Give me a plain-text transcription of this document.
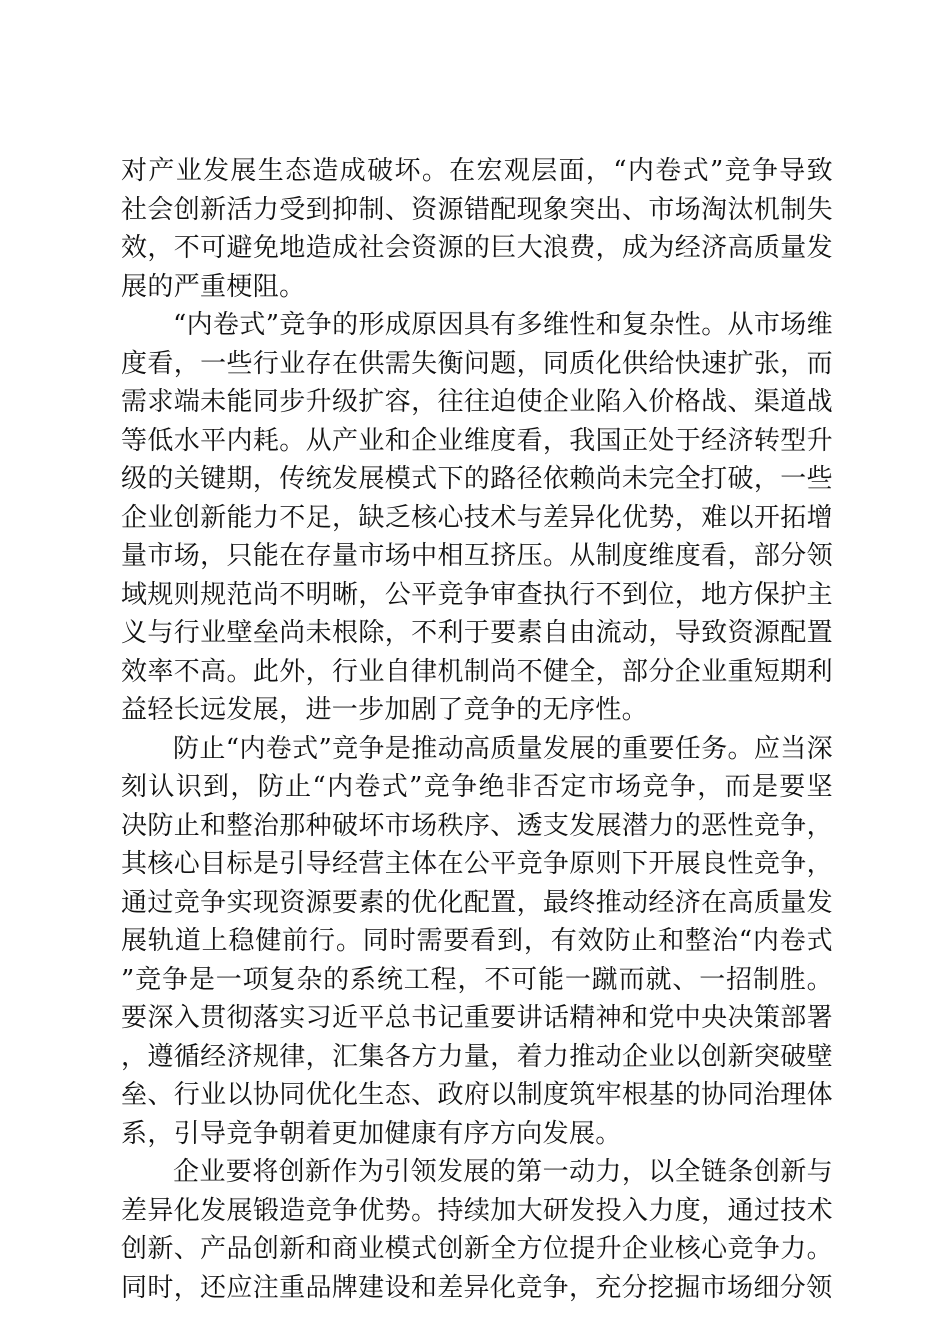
对产业发展生态造成破坏。在宏观层面，“内卷式”竞争导致社会创新活力受到抑制、资源错配现象突出、市场淘汰机制失效，不可避免地造成社会资源的巨大浪费，成为经济高质量发展的严重梗阻。

“内卷式”竞争的形成原因具有多维性和复杂性。从市场维度看，一些行业存在供需失衡问题，同质化供给快速扩张，而需求端未能同步升级扩容，往往迫使企业陷入价格战、渠道战等低水平内耗。从产业和企业维度看，我国正处于经济转型升级的关键期，传统发展模式下的路径依赖尚未完全打破，一些企业创新能力不足，缺乏核心技术与差异化优势，难以开拓增量市场，只能在存量市场中相互挤压。从制度维度看，部分领域规则规范尚不明晰，公平竞争审查执行不到位，地方保护主义与行业壁垒尚未根除，不利于要素自由流动，导致资源配置效率不高。此外，行业自律机制尚不健全，部分企业重短期利益轻长远发展，进一步加剧了竞争的无序性。

防止“内卷式”竞争是推动高质量发展的重要任务。应当深刻认识到，防止“内卷式”竞争绝非否定市场竞争，而是要坚决防止和整治那种破坏市场秩序、透支发展潜力的恶性竞争，其核心目标是引导经营主体在公平竞争原则下开展良性竞争，通过竞争实现资源要素的优化配置，最终推动经济在高质量发展轨道上稳健前行。同时需要看到，有效防止和整治“内卷式”竞争是一项复杂的系统工程，不可能一蹴而就、一招制胜。要深入贯彻落实习近平总书记重要讲话精神和党中央决策部署，遵循经济规律，汇集各方力量，着力推动企业以创新突破壁垒、行业以协同优化生态、政府以制度筑牢根基的协同治理体系，引导竞争朝着更加健康有序方向发展。

企业要将创新作为引领发展的第一动力，以全链条创新与差异化发展锻造竞争优势。持续加大研发投入力度，通过技术创新、产品创新和商业模式创新全方位提升企业核心竞争力。同时，还应注重品牌建设和差异化竞争，充分挖掘市场细分领
